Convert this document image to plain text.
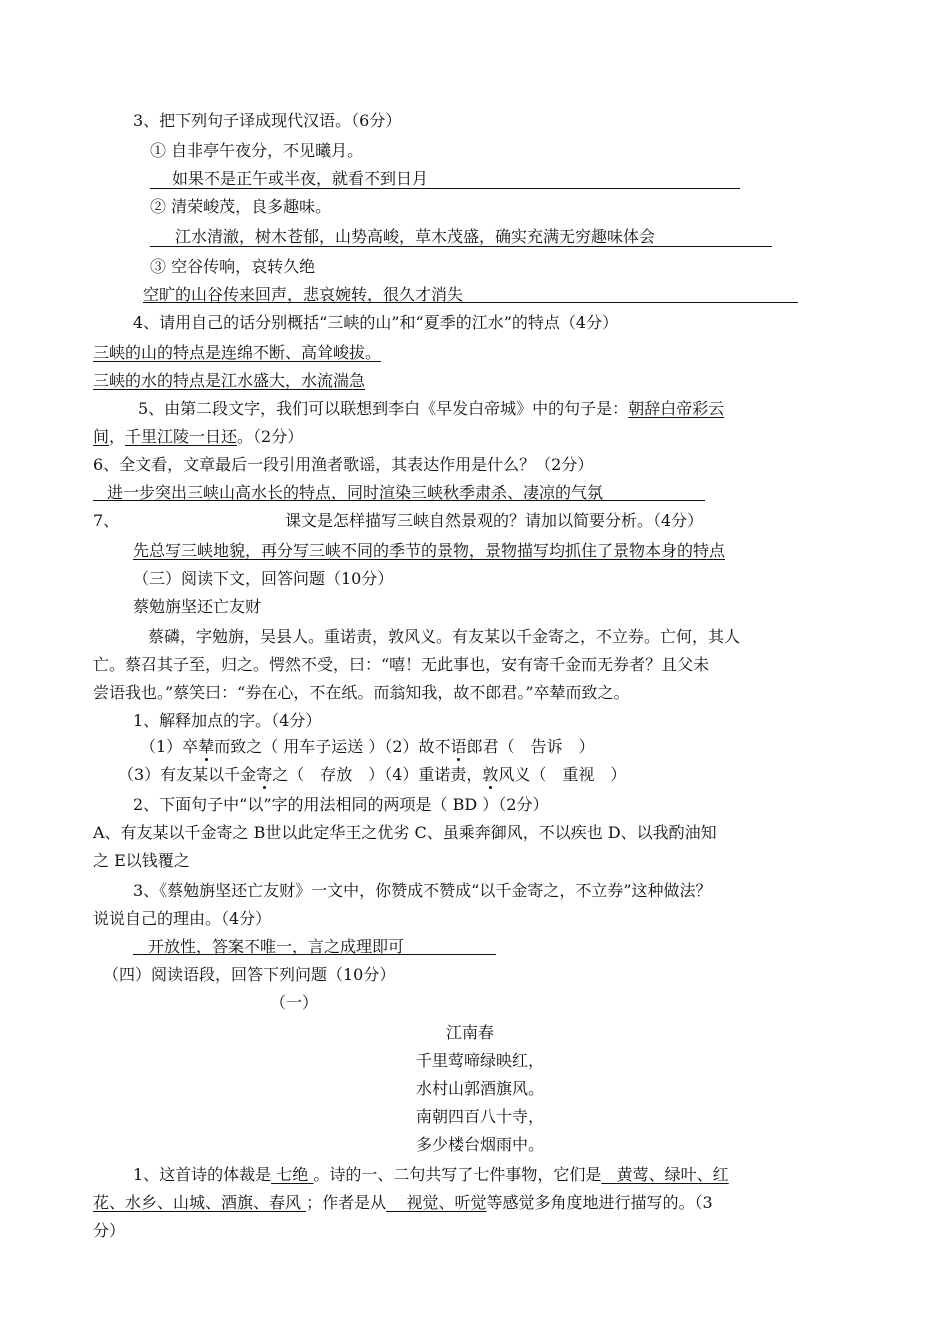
3、把下列句子译成现代汉语。（6分）
① 自非亭午夜分，不见曦月。
如果不是正午或半夜，就看不到日月
② 清荣峻茂，良多趣味。
江水清澈，树木苍郁，山势高峻，草木茂盛，确实充满无穷趣味体会
③ 空谷传响，哀转久绝
空旷的山谷传来回声，悲哀婉转，很久才消失
4、请用自己的话分别概括“三峡的山”和“夏季的江水”的特点（4分）
三峡的山的特点是连绵不断、高耸峻拔。
三峡的水的特点是江水盛大，水流湍急
5、由第二段文字，我们可以联想到李白《早发白帝城》中的句子是：朝辞白帝彩云
间，千里江陵一日还。（2分）
6、全文看，文章最后一段引用渔者歌谣，其表达作用是什么？（2分）
进一步突出三峡山高水长的特点，同时渲染三峡秋季肃杀、凄凉的气氛
7、	课文是怎样描写三峡自然景观的？请加以简要分析。（4分）
先总写三峡地貌，再分写三峡不同的季节的景物，景物描写均抓住了景物本身的特点
（三）阅读下文，回答问题（10分）
蔡勉旃坚还亡友财
蔡磷，字勉旃，吴县人。重诺责，敦风义。有友某以千金寄之，不立券。亡何，其人
亡。蔡召其子至，归之。愕然不受，曰：“嘻！无此事也，安有寄千金而无券者？且父未
尝语我也。”蔡笑曰：“券在心，不在纸。而翁知我，故不郎君。”卒辇而致之。
1、解释加点的字。（4分）
（1）卒辇而致之（ 用车子运送 ）（2）故不语郎君（　告诉　）
（3）有友某以千金寄之（　存放　）（4）重诺责，敦风义（　重视　）
2、下面句子中“以”字的用法相同的两项是（ BD ）（2分）
A、有友某以千金寄之 B世以此定华王之优劣 C、虽乘奔御风，不以疾也 D、以我酌油知
之 E以钱覆之
3、《蔡勉旃坚还亡友财》一文中，你赞成不赞成“以千金寄之，不立券”这种做法？
说说自己的理由。（4分）
开放性，答案不唯一，言之成理即可
（四）阅读语段，回答下列问题（10分）
（一）
江南春
千里莺啼绿映红，
水村山郭酒旗风。
南朝四百八十寺，
多少楼台烟雨中。
1、这首诗的体裁是 七绝 。诗的一、二句共写了七件事物，它们是 黄莺、绿叶、红
花、水乡、山城、酒旗、春风 ；作者是从 视觉、听觉等感觉多角度地进行描写的。（3
分）
